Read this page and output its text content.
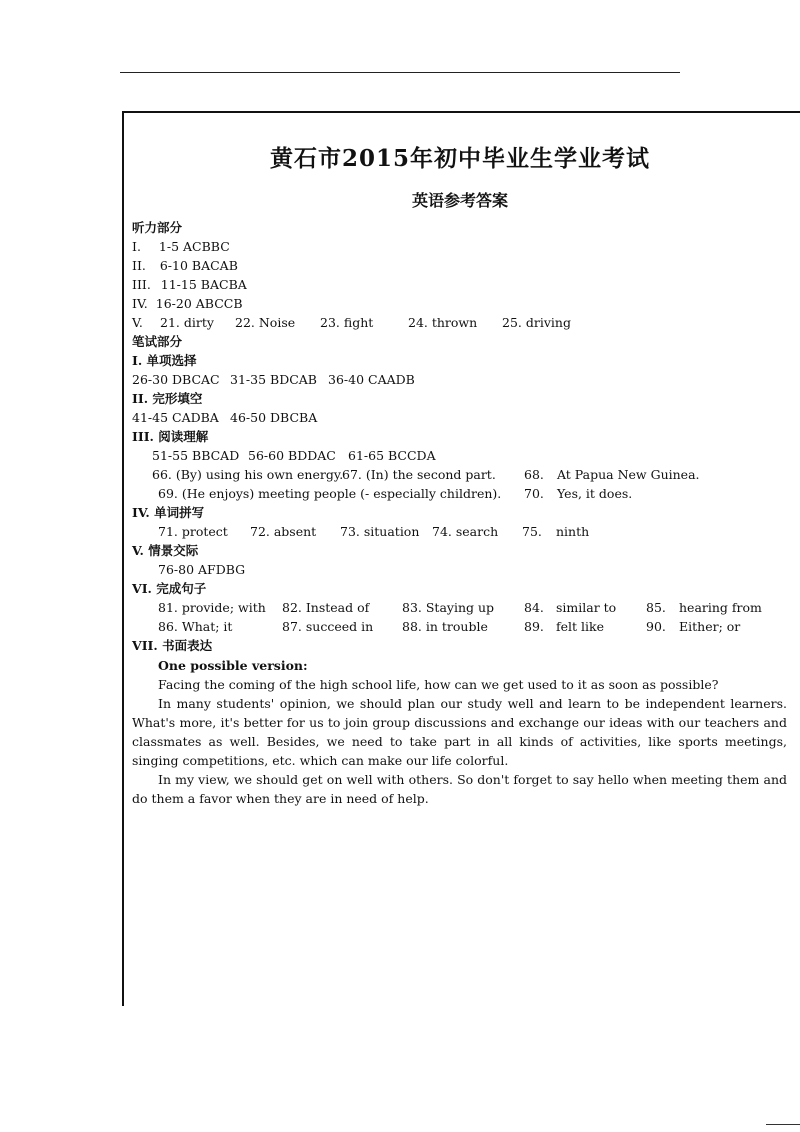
黄石市2015年初中毕业生学业考试
英语参考答案
听力部分
I. 1-5 ACBBC
II. 6-10 BACAB
III. 11-15 BACBA
IV. 16-20 ABCCB
V. 21. dirty 22. Noise 23. fight	24. thrown 25. driving
笔试部分
I. 单项选择
26-30 DBCAC 31-35 BDCAB 36-40 CAADB
II. 完形填空
41-45 CADBA 46-50 DBCBA
III. 阅读理解
51-55 BBCAD 56-60 BDDAC 61-65 BCCDA
66. (By) using his own energy.
67. (In) the second part. 68. At Papua New Guinea.
69. (He enjoys) meeting people (- especially children). 70. Yes, it does.
IV. 单词拼写
71. protect 72. absent 73. situation 74. search 75. ninth
V. 情景交际
76-80 AFDBG
VI. 完成句子
81. provide; with 82. Instead of	83. Staying up 84. similar to 85. hearing from
86. What; it	87. succeed in 88. in trouble	89. felt like	90. Either; or
VII. 书面表达

One possible version:

Facing the coming of the high school life, how can we get used to it as soon as possible?

In many students' opinion, we should plan our study well and learn to be independent learners. What's more, it's better for us to join group discussions and exchange our ideas with our teachers and classmates as well. Besides, we need to take part in all kinds of activities, like sports meetings, singing competitions, etc. which can make our life colorful.

In my view, we should get on well with others. So don't forget to say hello when meeting them and do them a favor when they are in need of help.
